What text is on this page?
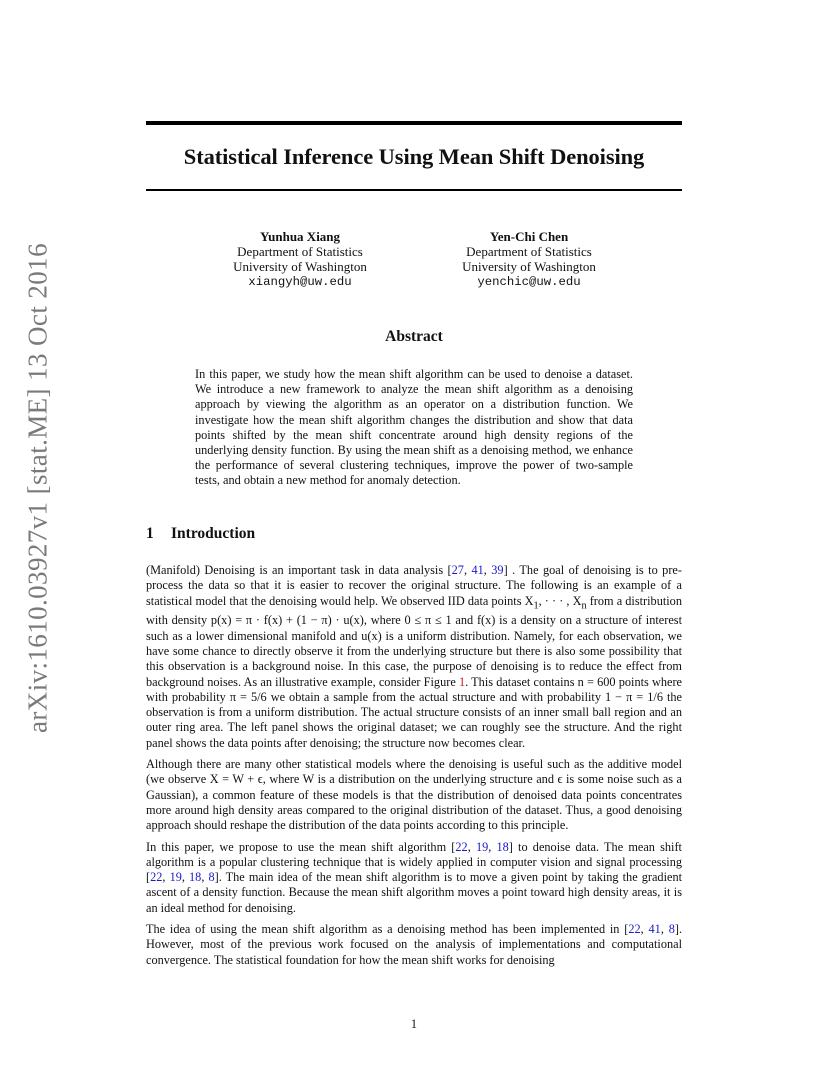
arXiv:1610.03927v1 [stat.ME] 13 Oct 2016
Statistical Inference Using Mean Shift Denoising
Yunhua Xiang
Department of Statistics
University of Washington
xiangyh@uw.edu
Yen-Chi Chen
Department of Statistics
University of Washington
yenchic@uw.edu
Abstract
In this paper, we study how the mean shift algorithm can be used to denoise a dataset. We introduce a new framework to analyze the mean shift algorithm as a denoising approach by viewing the algorithm as an operator on a distribution function. We investigate how the mean shift algorithm changes the distribution and show that data points shifted by the mean shift concentrate around high density regions of the underlying density function. By using the mean shift as a denoising method, we enhance the performance of several clustering techniques, improve the power of two-sample tests, and obtain a new method for anomaly detection.
1 Introduction

(Manifold) Denoising is an important task in data analysis [27, 41, 39] . The goal of denoising is to pre-process the data so that it is easier to recover the original structure. The following is an example of a statistical model that the denoising would help. We observed IID data points $X_1$, · · · , $X_n$ from a distribution with density p(x) = π · f(x) + (1 − π) · u(x), where 0 ≤ π ≤ 1 and f(x) is a density on a structure of interest such as a lower dimensional manifold and u(x) is a uniform distribution. Namely, for each observation, we have some chance to directly observe it from the underlying structure but there is also some possibility that this observation is a background noise. In this case, the purpose of denoising is to reduce the effect from background noises. As an illustrative example, consider Figure 1. This dataset contains n = 600 points where with probability π = 5/6 we obtain a sample from the actual structure and with probability 1 − π = 1/6 the observation is from a uniform distribution. The actual structure consists of an inner small ball region and an outer ring area. The left panel shows the original dataset; we can roughly see the structure. And the right panel shows the data points after denoising; the structure now becomes clear.

Although there are many other statistical models where the denoising is useful such as the additive model (we observe X = W + ϵ, where W is a distribution on the underlying structure and ϵ is some noise such as a Gaussian), a common feature of these models is that the distribution of denoised data points concentrates more around high density areas compared to the original distribution of the dataset. Thus, a good denoising approach should reshape the distribution of the data points according to this principle.

In this paper, we propose to use the mean shift algorithm [22, 19, 18] to denoise data. The mean shift algorithm is a popular clustering technique that is widely applied in computer vision and signal processing [22, 19, 18, 8]. The main idea of the mean shift algorithm is to move a given point by taking the gradient ascent of a density function. Because the mean shift algorithm moves a point toward high density areas, it is an ideal method for denoising.

The idea of using the mean shift algorithm as a denoising method has been implemented in [22, 41, 8]. However, most of the previous work focused on the analysis of implementations and computational convergence. The statistical foundation for how the mean shift works for denoising

1
